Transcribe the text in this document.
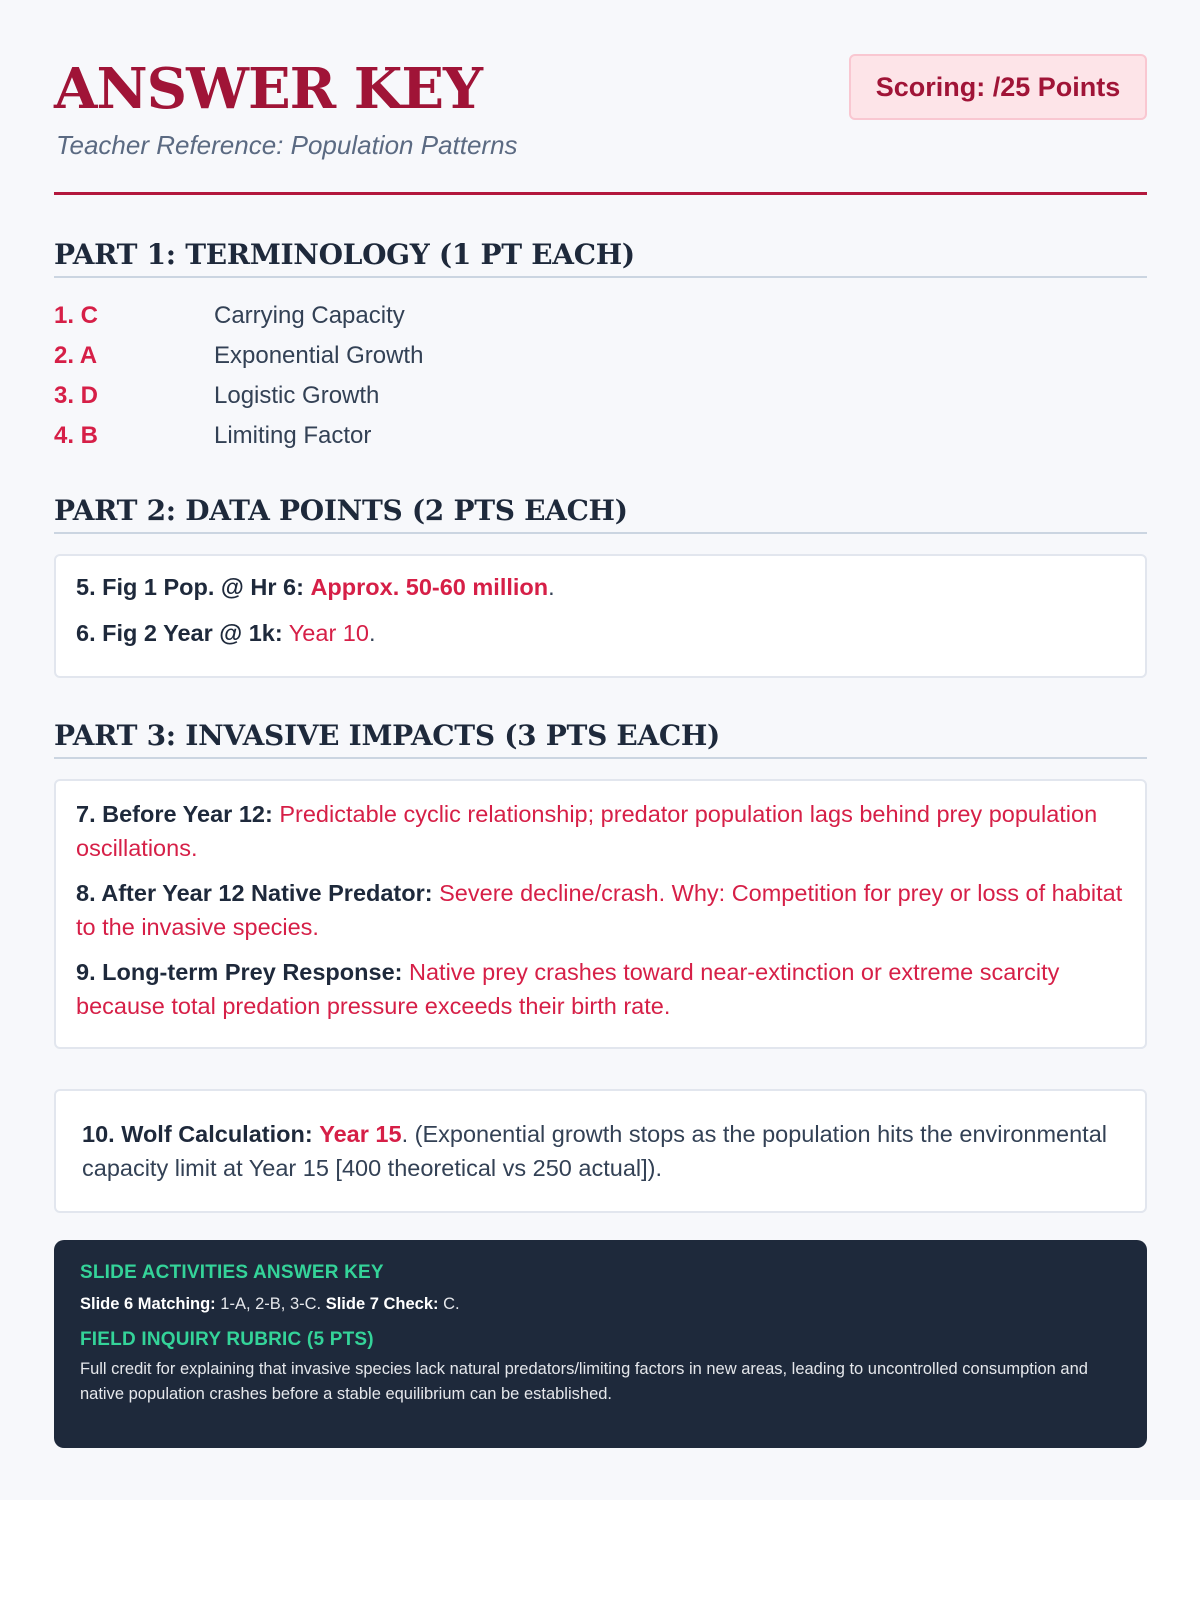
ANSWER KEY
Teacher Reference: Population Patterns
Scoring: /25 Points
PART 1: TERMINOLOGY (1 PT EACH)
1. C	Carrying Capacity
2. A	Exponential Growth
3. D	Logistic Growth
4. B	Limiting Factor
PART 2: DATA POINTS (2 PTS EACH)
5. Fig 1 Pop. @ Hr 6: Approx. 50-60 million.
6. Fig 2 Year @ 1k: Year 10.
PART 3: INVASIVE IMPACTS (3 PTS EACH)
7. Before Year 12: Predictable cyclic relationship; predator population lags behind prey population oscillations.
8. After Year 12 Native Predator: Severe decline/crash. Why: Competition for prey or loss of habitat to the invasive species.
9. Long-term Prey Response: Native prey crashes toward near-extinction or extreme scarcity because total predation pressure exceeds their birth rate.
10. Wolf Calculation: Year 15. (Exponential growth stops as the population hits the environmental capacity limit at Year 15 [400 theoretical vs 250 actual]).
SLIDE ACTIVITIES ANSWER KEY
Slide 6 Matching: 1-A, 2-B, 3-C. Slide 7 Check: C.
FIELD INQUIRY RUBRIC (5 PTS)
Full credit for explaining that invasive species lack natural predators/limiting factors in new areas, leading to uncontrolled consumption and native population crashes before a stable equilibrium can be established.
